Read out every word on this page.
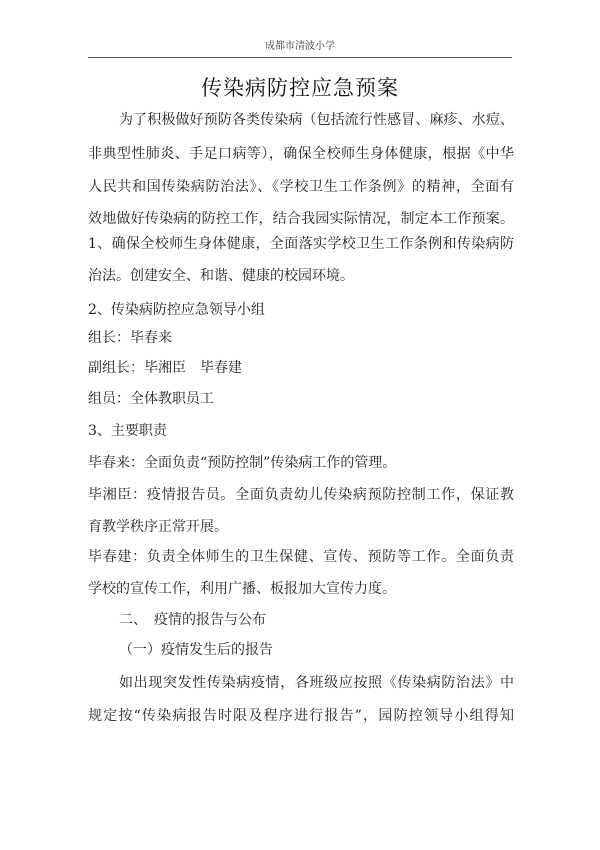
成都市清波小学
传染病防控应急预案
为了积极做好预防各类传染病（包括流行性感冒、麻疹、水痘、
非典型性肺炎、手足口病等），确保全校师生身体健康，根据《中华
人民共和国传染病防治法》、《学校卫生工作条例》的精神，全面有
效地做好传染病的防控工作，结合我园实际情况，制定本工作预案。
1、确保全校师生身体健康，全面落实学校卫生工作条例和传染病防
治法。创建安全、和谐、健康的校园环境。
2、传染病防控应急领导小组
组长：毕春来
副组长：毕湘臣　毕春建
组员：全体教职员工
3、主要职责
毕春来：全面负责“预防控制”传染病工作的管理。
毕湘臣：疫情报告员。全面负责幼儿传染病预防控制工作，保证教
育教学秩序正常开展。
毕春建：负责全体师生的卫生保健、宣传、预防等工作。全面负责
学校的宣传工作，利用广播、板报加大宣传力度。
二、　疫情的报告与公布
（一）疫情发生后的报告
如出现突发性传染病疫情，各班级应按照《传染病防治法》中
规定按“传染病报告时限及程序进行报告”，园防控领导小组得知
